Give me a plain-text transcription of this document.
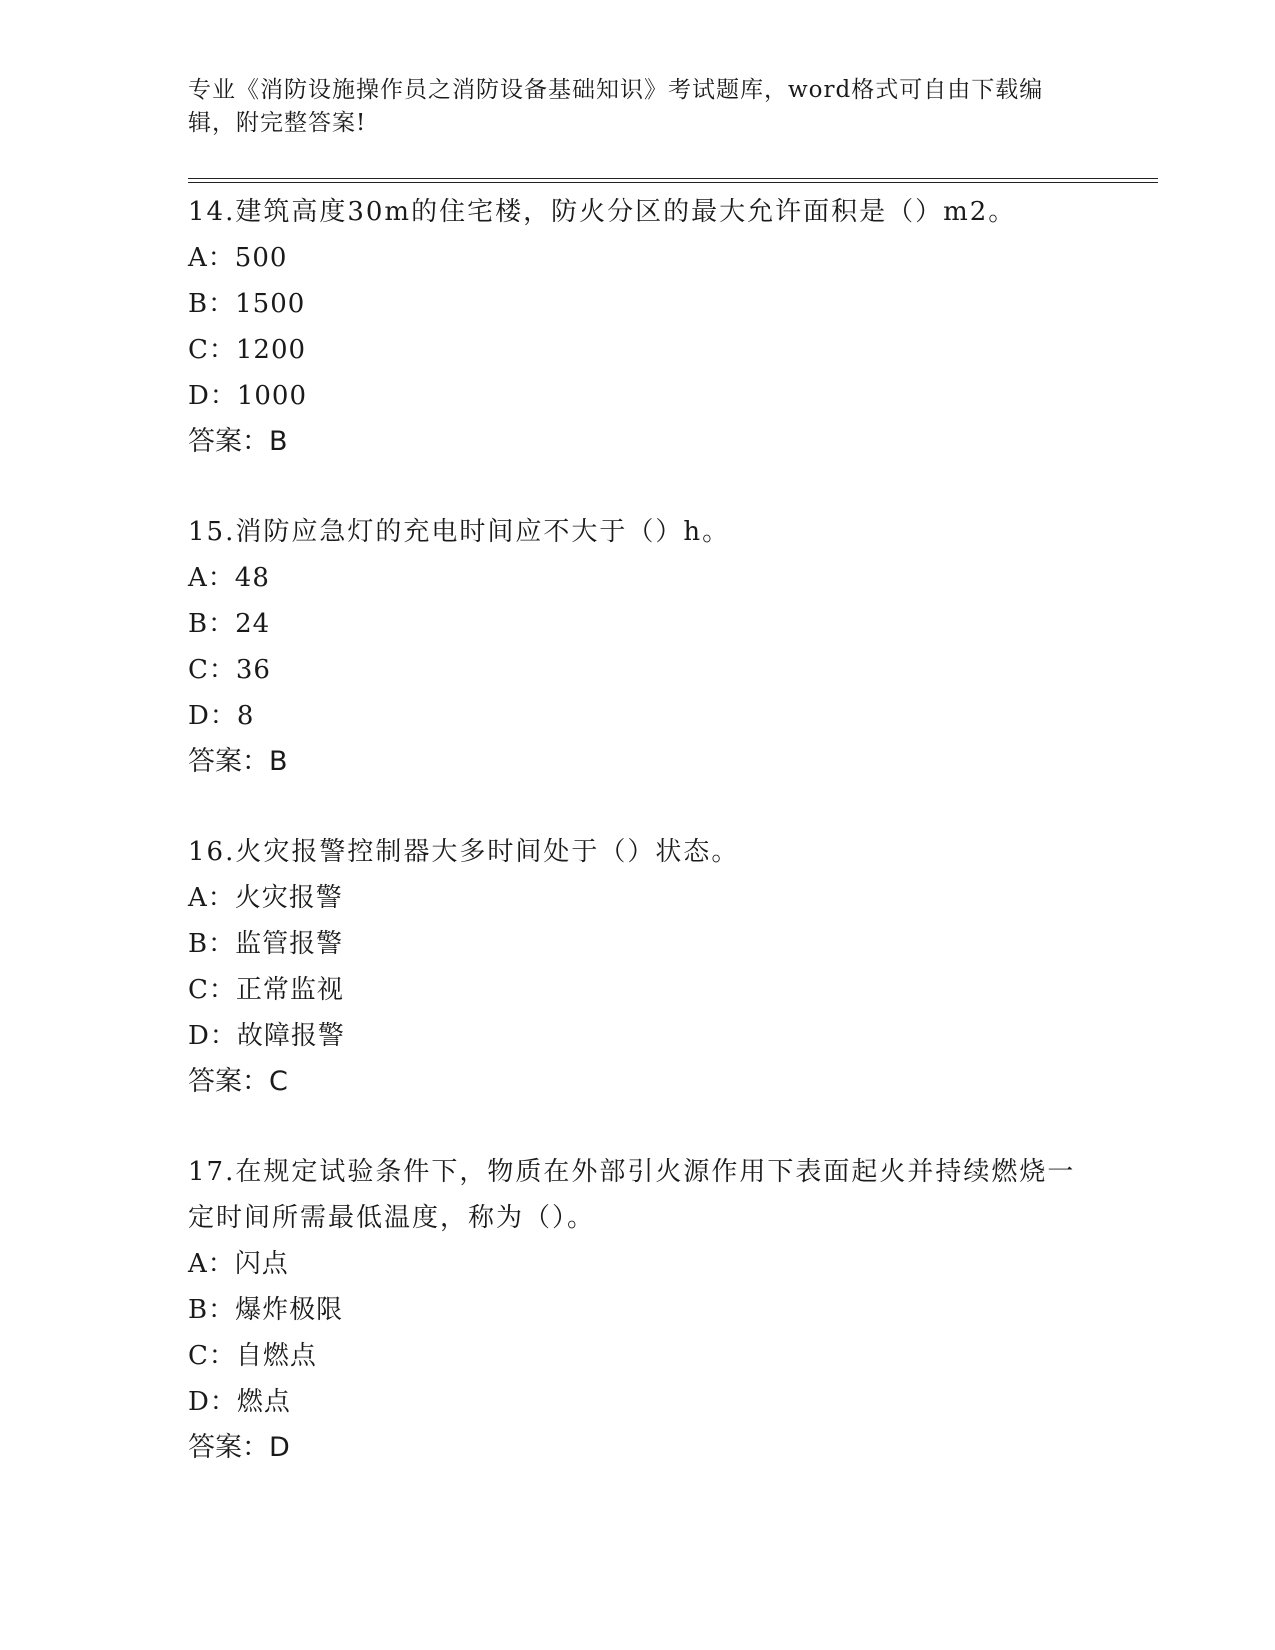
专业《消防设施操作员之消防设备基础知识》考试题库，word格式可自由下载编辑，附完整答案!

14.建筑高度30m的住宅楼，防火分区的最大允许面积是（）m2。

A：500

B：1500

C：1200

D：1000

答案：B

15.消防应急灯的充电时间应不大于（）h。

A：48

B：24

C：36

D：8

答案：B

16.火灾报警控制器大多时间处于（）状态。

A：火灾报警

B：监管报警

C：正常监视

D：故障报警

答案：C

17.在规定试验条件下，物质在外部引火源作用下表面起火并持续燃烧一定时间所需最低温度，称为（）。

A：闪点

B：爆炸极限

C：自燃点

D：燃点

答案：D
